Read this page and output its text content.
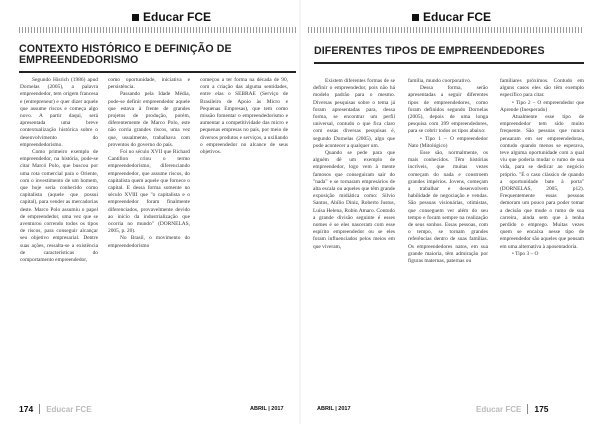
Educar FCE
CONTEXTO HISTÓRICO E DEFINIÇÃO DE EMPREENDEDORISMO

Segundo Hisrich (1986) apud Dornelas (2005), a palavra empreendedor, tem origem francesa e (entrepreneur) e quer dizer aquele que assume riscos e começa algo novo. A partir daqui, será apresentada uma breve contextualização histórica sobre o desenvolvimento do empreendedorismo.

Como primeiro exemplo de empreendedor, na história, pode-se citar Marcó Polo, que buscou por uma rota comercial para o Oriente, com o investimento de um homem, que hoje seria conhecido como capitalista (aquele que possui capital), para vender as mercadorias deste. Marco Polo assumiu o papel de empreendedor, uma vez que se aventurou correndo todos os tipos de riscos, para conseguir alcançar seu objetivo empresarial. Dentre suas ações, ressalta-se a existência de características do comportamento empreendedor,

como oportunidade, iniciativa e persistência.

Passando pela Idade Média, pode-se definir empreendedor aquele que estava à frente de grandes projetos de produção, porém, diferentemente de Marco Polo, este não corria grandes riscos, uma vez que, usualmente, trabalhava com proventos do governo do país.

Foi no século XVII que Richard Cantillon criou o termo empreendedorismo, diferenciando empreendedor, que assume riscos, do capitalista quem aquele que fornece o capital. E dessa forma somente no século XVIII que "o capitalista e o empreendedor foram finalmente diferenciados, provavelmente devido ao início da industrialização que ocorria no mundo" (DORNELAS, 2005, p. 20).

No Brasil, o movimento do empreendedorismo

começou a ter forma na década de 90, com a criação das alguma sentidades, entre elas o SEBRAE (Serviço de Brasileiro de Apoio às Micro e Pequenas Empresas), que tem como missão fomentar o empreendedorismo e aumentar a competitividade das micro e pequenas empresas no país, por meio de diversos produtos e serviços, a uxiliando o empreendedor no alcance de seus objetivos.

174 Educar FCE	ABRIL | 2017
Educar FCE
DIFERENTES TIPOS DE EMPREENDEDORES

Existem diferentes formas de se definir o empreendedor, pois não há modelo padrão para o mesmo. Diversas pesquisas sobre o tema já foram apresentadas para, dessa forma, se encontrar um perfil universal, contudo o que fica claro com essas diversas pesquisas é, segundo Dornelas (2005), algo que pode acontecer a qualquer um.

Quando se pede para que alguém dê um exemplo de empreendedor, logo vem à mente famosos que conseguiram sair do "nada" e se tornaram empresários de alta escala ou aqueles que têm grande exposição midiática como: Silvio Santos, Abílio Diniz, Roberto Justus, Luísa Helena, Robin Amaro. Contudo a grande divisão seguinte é esses nomes é se eles nasceram com esse espírito empreendedor ou se eles foram influenciados pelos meios em que viveram,

família, mundo coorporativo.

Dessa forma, serão apresentadas a seguir diferentes tipos de empreendedores, como foram definidos segundo Dornelas (2005), depois de uma longa pesquisa com 399 empreendedores, para se cobrir todos os tipos abaixo:

• Tipo 1 – O empreendedor Nato (Mitológico)

Esse são, normalmente, os mais conhecidos. Têm histórias incríveis, que muitas vezes começam do nada e constroem grandes impérios. Jovens, começam a trabalhar e desenvolvem habilidade de negociação e vendas. São pessoas visionárias, otimistas, que conseguem ver além do seu tempo e focam sempre na realização de seus sonhos. Essas pessoas, com o tempo, se tornam grandes referências dentro de suas famílias. Os empreendedores natos, em sua grande maioria, têm admiração por figuras maternas, paternas ou

familiares próximos. Contudo em alguns casos eles são têm exemplo específico para citar.

• Tipo 2 – O empreendedor que Aprende (Inesperado)

Atualmente esse tipo de empreendedor tem sido muito frequente. São pessoas que nunca pensaram em ser empreendedoras, contudo quando menos se esperava, teve alguma oportunidade com a qual viu que poderia mudar o rumo de sua vida, para se dedicar ao negócio próprio. "É o caso clássico de quando a oportunidade bate à porta" (DORNELAS, 2005, p12). Frequentemente essas pessoas demoram um pouco para poder tomar a decisão que mude o rumo de sua carreira, ainda sem que à tenha perdido o emprego. Muitas vezes quem se encaixa nesse tipo de empreendedor são aqueles que pensam em uma alternativa à aposentadoria.

• Tipo 3 – O

ABRIL | 2017	Educar FCE 175
